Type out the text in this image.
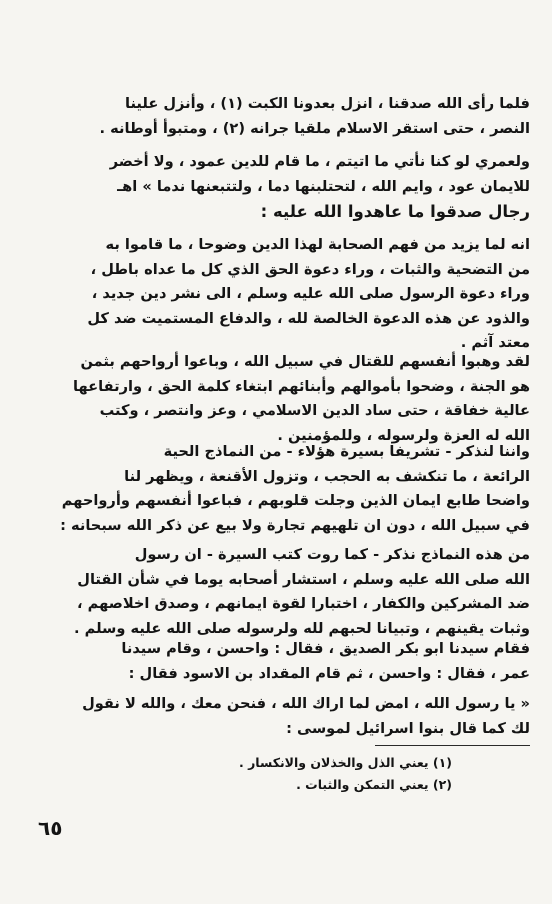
فلما رأى الله صدقنا ، انزل بعدونا الكبت (١) ، وأنزل علينا
النصر ، حتى استقر الاسلام ملقيا جرانه (٢) ، ومتبوأ أوطانه .

ولعمري لو كنا نأتي ما اتيتم ، ما قام للدين عمود ، ولا أخضر
للايمان عود ، وايم الله ، لتحتلبنها دما ، ولتتبعنها ندما » اهـ

رجال صدقوا ما عاهدوا الله عليه :

انه لما يزيد من فهم الصحابة لهذا الدين وضوحا ، ما قاموا به
من التضحية والثبات ، وراء دعوة الحق الذي كل ما عداه باطل ،
وراء دعوة الرسول صلى الله عليه وسلم ، الى نشر دين جديد ،
والذود عن هذه الدعوة الخالصة لله ، والدفاع المستميت ضد كل
معتد آثم .

لقد وهبوا أنفسهم للقتال في سبيل الله ، وباعوا أرواحهم بثمن
هو الجنة ، وضحوا بأموالهم وأبنائهم ابتغاء كلمة الحق ، وارتفاعها
عالية خفاقة ، حتى ساد الدين الاسلامي ، وعز وانتصر ، وكتب
الله له العزة ولرسوله ، وللمؤمنين .

واننا لنذكر - تشريفا بسيرة هؤلاء - من النماذج الحية
الرائعة ، ما تنكشف به الحجب ، وتزول الأقنعة ، ويظهر لنا
واضحا طابع ايمان الذين وجلت قلوبهم ، فباعوا أنفسهم وأرواحهم
في سبيل الله ، دون ان تلهيهم تجارة ولا بيع عن ذكر الله سبحانه :

من هذه النماذج نذكر - كما روت كتب السيرة - ان رسول
الله صلى الله عليه وسلم ، استشار أصحابه يوما في شأن القتال
ضد المشركين والكفار ، اختبارا لقوة ايمانهم ، وصدق اخلاصهم ،
وثبات يقينهم ، وتبيانا لحبهم لله ولرسوله صلى الله عليه وسلم .

فقام سيدنا ابو بكر الصديق ، فقال : واحسن ، وقام سيدنا
عمر ، فقال : واحسن ، ثم قام المقداد بن الاسود فقال :

« يا رسول الله ، امض لما اراك الله ، فنحن معك ، والله لا نقول
لك كما قال بنوا اسرائيل لموسى :

(١) يعني الذل والخذلان والانكسار .

(٢) يعني التمكن والثبات .

٦٥
